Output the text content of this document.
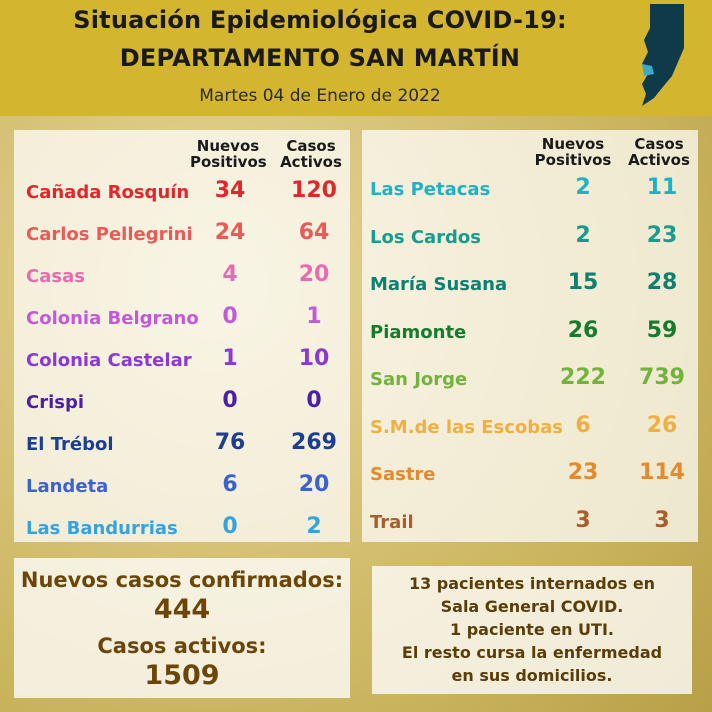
Situación Epidemiológica COVID-19:
DEPARTAMENTO SAN MARTÍN
Martes 04 de Enero de 2022
Nuevos
Positivos
Casos
Activos
Cañada Rosquín	34	120
Carlos Pellegrini	24	64
Casas	4	20
Colonia Belgrano	0	1
Colonia Castelar	1	10
Crispi	0	0
El Trébol	76	269
Landeta	6	20
Las Bandurrias	0	2
Nuevos
Positivos
Casos
Activos
Las Petacas	2	11
Los Cardos	2	23
María Susana	15	28
Piamonte	26	59
San Jorge	222	739
S.M.de las Escobas 6	26
Sastre	23	114
Trail	3	3
Nuevos casos confirmados:
444
Casos activos:
1509
13 pacientes internados en
Sala General COVID.
1 paciente en UTI.
El resto cursa la enfermedad
en sus domicilios.
